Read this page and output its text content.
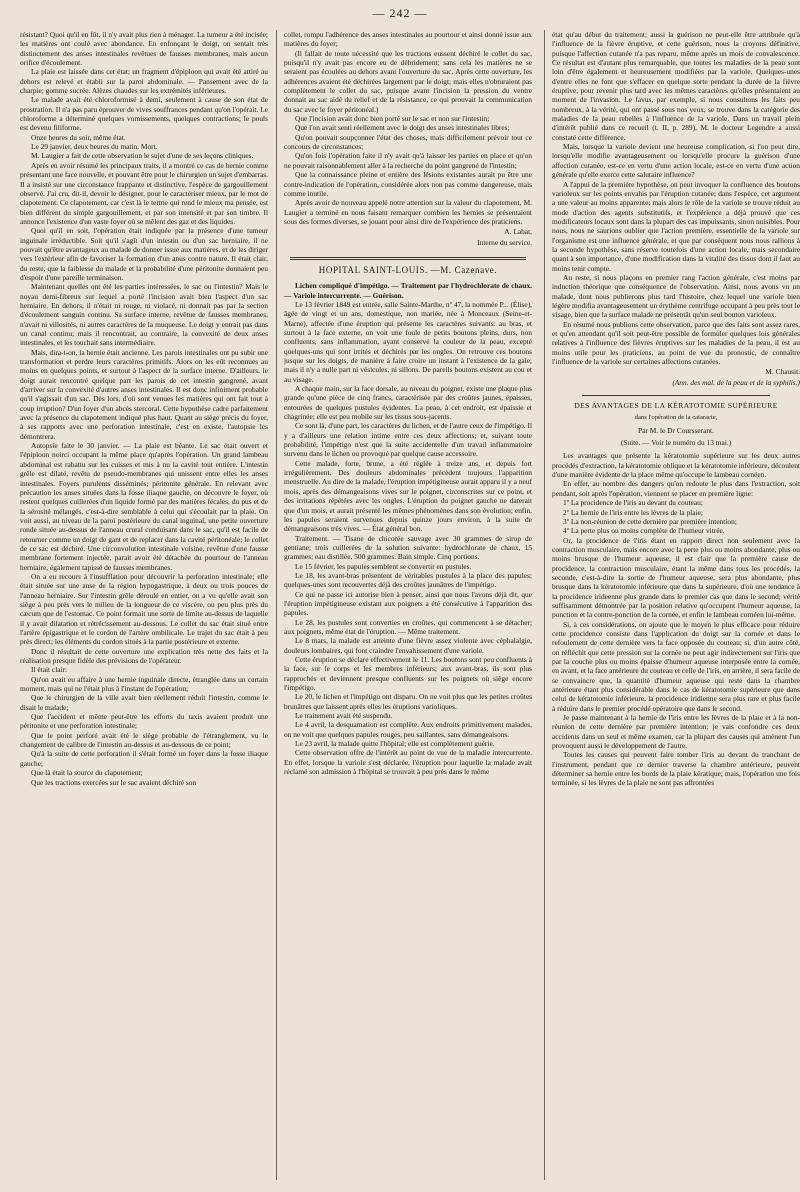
— 242 —

résistant? Quoi qu'il en fût, il n'y avait plus rien à ménager. La tumeur a été incisée; les matières ont coulé avec abondance. En enfonçant le doigt, on sentait très distinctement des anses intestinales revêtues de fausses membranes, mais aucun orifice d'écoulement.

La plaie est laissée dans cet état; un fragment d'épiploon qui avait été attiré au dehors est relevé et établi sur la paroi abdominale. — Pansement avec de la charpie; gomme sucrée. Alèzes chaudes sur les extrémités inférieures.

Le malade avait été chloroformisé à demi, seulement à cause de son état de prostration. Il n'a pas paru éprouver de vives souffrances pendant qu'on l'opérait. Le chloroforme a déterminé quelques vomissements, quelques contractions; le pouls est devenu filiforme.

Onze heures du soir, même état.

Le 29 janvier, deux heures du matin. Mort.

M. Laugier a fait de cette observation le sujet d'une de ses leçons cliniques.

Après en avoir résumé les principaux traits, il a montré ce cas de hernie comme présentant une face nouvelle, et pouvant être pour le chirurgien un sujet d'embarras. Il a insisté sur une circonstance frappante et distinctive, l'espèce de gargouillement observé. J'ai cru, dit-il, devoir le désigner, pour le caractériser mieux, par le mot de clapotement. Ce clapotement, car c'est là le terme qui rend le mieux ma pensée, est bien différent du simple gargouillement, et par son intensité et par son timbre. Il annonce l'existence d'un vaste foyer où se mêlent des gaz et des liquides.

Quoi qu'il en soit, l'opération était indiquée par la présence d'une tumeur inguinale irréductible. Soit qu'il s'agît d'un intestin ou d'un sac herniaire, il ne pouvait qu'être avantageux au malade de donner issue aux matières, et de les diriger vers l'extérieur afin de favoriser la formation d'un anus contre nature. Il était clair, du reste, que la faiblesse du malade et la probabilité d'une péritonite donnaient peu d'espoir d'une pareille terminaison.

Maintenant quelles ont été les parties intéressées, le sac ou l'intestin? Mais le noyau demi-fibreux sur lequel a porté l'incision avait bien l'aspect d'un sac herniaire. En dehors, il n'était ni rouge, ni violacé, ni donnait pas par la section d'écoulement sanguin continu. Sa surface interne, revêtue de fausses membranes, n'avait ni villosités, ni autres caractères de la muqueuse. Le doigt y entrait pas dans un canal continu; mais il rencontrait, au contraire, la convexité de deux anses intestinales, et les touchait sans intermédiaire.

Mais, dira-t-on, la hernie était ancienne. Les parois intestinales ont pu subir une transformation et perdre leurs caractères primitifs. Alors on les eût reconnues au moins en quelques points, et surtout à l'aspect de la surface interne. D'ailleurs, le doigt aurait rencontré quelque part les parois de cet intestin gangrené, avant d'arriver sur la convexité d'autres anses intestinales. Il est donc infiniment probable qu'il s'agissait d'un sac. Dès lors, d'où sont venues les matières qui ont fait tout à coup irruption? D'un foyer d'un abcès stercoral. Cette hypothèse cadre parfaitement avec la présence du clapotement indiqué plus haut. Quant au siège précis du foyer, à ses rapports avec une perforation intestinale, c'est en existe, l'autopsie les démontrera.

Autopsie faite le 30 janvier. — La plaie est béante. Le sac était ouvert et l'épiploon noirci occupant la même place qu'après l'opération. Un grand lambeau abdominal est rabattu sur les cuisses et mis à nu la cavité tout entière. L'intestin grêle est dilaté, revêtu de pseudo-membranes qui unissent entre elles les anses intestinales. Foyers purulents disséminés; péritonite générale. En relevant avec précaution les anses situées dans la fosse iliaque gauche, on découvre le foyer, où restent quelques cuillerées d'un liquide formé par des matières fécales, du pus et de la sérosité mélangés, c'est-à-dire semblable à celui qui s'écoulait par la plaie. On voit aussi, au niveau de la paroi postérieure du canal inguinal, une petite ouverture ronde située au-dessus de l'anneau crural conduisant dans le sac, qu'il est facile de retourner comme un doigt de gant et de replacer dans la cavité péritonéale; le collet de ce sac est déchiré. Une circonvolution intestinale voisine, revêtue d'une fausse membrane fortement injectée, parait avoir été détachée du pourtour de l'anneau herniaire, également tapissé de fausses membranes.

On a eu recours à l'insufflation pour découvrir la perforation intestinale; elle était située sur une anse de la région hypogastrique, à deux ou trois pouces de l'anneau herniaire. Sur l'intestin grêle déroulé en entier, on a vu qu'elle avait son siège à peu près vers le milieu de la longueur de ce viscère, ou peu plus près du cæcum que de l'estomac. Ce point formait une sorte de limite au-dessus de laquelle il y avait dilatation et rétrécissement au-dessous. Le collet du sac était situé entre l'artère épigastrique et le cordon de l'artère ombilicale. Le trajet du sac était à peu près direct; les éléments du cordon situés à la partie postérieure et externe.

Donc il résultait de cette ouverture une explication très nette des faits et la réalisation presque fidèle des prévisions de l'opérateur.

Il était clair:

Qu'on avait eu affaire à une hernie inguinale directe, étranglée dans un certain moment, mais qui ne l'était plus à l'instant de l'opération;

Que le chirurgien de la ville avait bien réellement réduit l'intestin, comme le disait le malade;

Que l'accident et même peut-être les efforts du taxis avaient produit une péritonite et une perforation intestinale;

Que le point perforé avait été le siège probable de l'étranglement, vu le changement de calibre de l'intestin au-dessus et au-dessous de ce point;

Qu'à la suite de cette perforation il s'était formé un foyer dans la fosse iliaque gauche;

Que là était la source du clapotement;

Que les tractions exercées sur le sac avaient déchiré son

collet, rompu l'adhérence des anses intestinales au pourtour et ainsi donné issue aux matières du foyer;

(Il fallait de toute nécessité que les tractions eussent déchiré le collet du sac, puisqu'il n'y avait pas encore eu de débridement; sans cela les matières ne se seraient pas écoulées au dehors avant l'ouverture du sac. Après cette ouverture, les adhérences avaient été déchirées largement par le doigt; mais elles n'obturaient pas complètement le collet du sac, puisque avant l'incision la pression du ventre donnait au sac aidé du relief et de la résistance, ce qui prouvait la communication du sac avec le foyer péritonéal.)

Que l'incision avait donc bien porté sur le sac et non sur l'intestin;

Que l'on avait senti réellement avec le doigt des anses intestinales libres;

Qu'on pouvait soupçonner l'état des choses, mais difficilement prévoir tout ce concours de circonstances;

Qu'on fois l'opération faite il n'y avait qu'à laisser les parties en place et qu'on ne pouvait raisonnablement aller à la recherche du point gangrené de l'intestin;

Que la connaissance pleine et entière des lésions existantes aurait pu être une contre-indication de l'opération, considérée alors non pas comme dangereuse, mais comme inutile.

Après avoir de nouveau appelé notre attention sur la valeur du clapotement, M. Laugier a terminé en nous faisant remarquer combien les hernies se présentaient sous des formes diverses, se jouant pour ainsi dire de l'expérience des praticiens.

A. Labat,
Interne du service.
HOPITAL SAINT-LOUIS. —M. Cazenave.

Lichen compliqué d'impétigo. — Traitement par l'hydrochlorate de chaux. — Variole intercurrente. — Guérison.

Le 13 février 1849 est entrée, salle Sainte-Marthe, nº 47, la nommée P... (Élise), âgée de vingt et un ans, domestique, non mariée, née à Monceaux (Seine-et-Marne), affectée d'une éruption qui présente les caractères suivants: au bras, et surtout à la face externe, on voit une foule de petits boutons pleins, durs, non confluents, sans inflammation, ayant conservé la couleur de la peau, excepté quelques-uns qui sont irrités et déchirés par les ongles. On retrouve ces boutons jusque sur les doigts, de manière à faire croire un instant à l'existence de la gale; mais il n'y a nulle part ni vésicules, ni sillons. De pareils boutons existent au cou et au visage.

A chaque main, sur la face dorsale, au niveau du poignet, existe une plaque plus grande qu'une pièce de cinq francs, caractérisée par des croûtes jaunes, épaisses, entourées de quelques pustules évidentes. La peau, à cet endroit, est épaissie et chagrinée; elle est peu mobile sur les tissus sous-jacents.

Ce sont là, d'une part, les caractères du lichen, et de l'autre ceux de l'impétigo. Il y a d'ailleurs une relation intime entre ces deux affections; et, suivant toute probabilité, l'impétigo n'est que la suite accidentelle d'un travail inflammatoire survenu dans le lichen ou provoqué par quelque cause accessoire.

Cette malade, forte, brune, a été réglée à treize ans, et depuis fort irrégulièrement. Des douleurs abdominales précèdent toujours l'apparition menstruelle. Au dire de la malade, l'éruption impétigineuse aurait apparu il y a neuf mois, après des démangeaisons vives sur le poignet, circonscrites sur ce point, et des irritations répétées avec les ongles. L'éruption du poignet gauche ne daterait que d'un mois, et aurait présenté les mêmes phénomènes dans son évolution; enfin, les papules seraient survenues depuis quinze jours environ, à la suite de démangeaisons très vives. — État général bon.

Traitement. — Tisane de chicorée sauvage avec 30 grammes de sirop de gentiane; trois cuillerées de la solution suivante: hydrochlorate de chaux, 15 grammes; eau distillée, 500 grammes. Bain simple. Cinq portions.

Le 15 février, les papules semblent se convertir en pustules.

Le 18, les avant-bras présentent de véritables pustules à la place des papules; quelques-unes sont recouvertes déjà des croûtes jaunâtres de l'impétigo.

Ce qui ne passe ici autorise bien à penser, ainsi que nous l'avons déjà dit, que l'éruption impétigineuse existant aux poignets a été consécutive à l'apparition des papules.

Le 28, les pustules sont converties en croûtes, qui commencent à se détacher; aux poignets, même état de l'éruption. — Même traitement.

Le 8 mars, la malade est atteinte d'une fièvre assez violente avec céphalalgie, douleurs lombaires, qui font craindre l'envahissement d'une variole.

Cette éruption se déclare effectivement le 11. Les boutons sont peu confluents à la face, sur le corps et les membres inférieurs; aux avant-bras, ils sont plus rapprochés et deviennent presque confluents sur les poignets où siège encore l'impétigo.

Le 20, le lichen et l'impétigo ont disparu. On ne voit plus que les petites croûtes brunâtres que laissent après elles les éruptions varioliques.

Le traitement avait été suspendu.

Le 4 avril, la desquamation est complète. Aux endroits primitivement malades, on ne voit que quelques papules rouges, peu saillantes, sans démangeaisons.

Le 23 avril, la malade quitte l'hôpital; elle est complètement guérie.

Cette observation offre de l'intérêt au point de vue de la maladie intercurrente. En effet, lorsque la variole s'est déclarée, l'éruption pour laquelle la malade avait réclamé son admission à l'hôpital se trouvait à peu près dans le même

état qu'au début du traitement; aussi la guérison ne peut-elle être attribuée qu'à l'influence de la fièvre éruptive, et cette guérison, nous la croyons définitive, puisque l'affection cutanée n'a pas reparu, même après un mois de convalescence. Ce résultat est d'autant plus remarquable, que toutes les maladies de la peau sont loin d'être également et heureusement modifiées par la variole. Quelques-unes d'entre elles ne font que s'effacer en quelque sorte pendant la durée de la fièvre éruptive, pour revenir plus tard avec les mêmes caractères qu'elles présentaient au moment de l'invasion. Le favus, par exemple, si nous consultons les faits peu nombreux, à la vérité, qui ont passé sous nos yeux, se trouve dans la catégorie des maladies de la peau rebelles à l'influence de la variole. Dans un travail plein d'intérêt publié dans ce recueil (t. II, p. 289), M. le docteur Legendre a aussi constaté cette différence.

Mais, lorsque la variole devient une heureuse complication, si l'on peut dire, lorsqu'elle modifie avantageusement ou lorsqu'elle procure la guérison d'une affection cutanée, est-ce en vertu d'une action locale, est-ce en vertu d'une action générale qu'elle exerce cette salutaire influence?

A l'appui de la première hypothèse, on peut invoquer la confluence des boutons varioleux sur les points envahis par l'éruption cutanée; dans l'espèce, cet argument a une valeur au moins apparente; mais alors le rôle de la variole se trouve réduit au mode d'action des agents substitutifs, et l'expérience a déjà prouvé que ces modificateurs locaux sont dans la plupart des cas impuissants, sinon nuisibles. Pour nous, nous ne saurions oublier que l'action première, essentielle de la variole sur l'organisme est une influence générale, et que par conséquent nous nous rallions à la seconde hypothèse, sans réserve toutefois d'une action locale, mais secondaire quant à son importance, d'une modification dans la vitalité des tissus dont il faut au moins tenir compte.

Au reste, si nous plaçons en premier rang l'action générale, c'est moins par induction théorique que conséquence de l'observation. Ainsi, nous avons vu un malade, dont nous publierons plus tard l'histoire, chez lequel une variole bien légère modifia avantageusement un érythème centrifuge occupant à peu près tout le visage, bien que la surface malade ne présentât qu'un seul bouton varioleux.

En résumé nous publions cette observation, parce que des faits sont assez rares, et qu'en attendant qu'il soit peut-être possible de formuler quelques lois générales relatives à l'influence des fièvres éruptives sur les maladies de la peau, il est au moins utile pour les praticiens, au point de vue du pronostic, de connaître l'influence de la variole sur certaines affections cutanées.

M. Chausit.
(Ann. des mal. de la peau et de la syphilis.)
DES AVANTAGES DE LA KÉRATOTOMIE SUPÉRIEURE
dans l'opération de la cataracte,
Par M. le Dr Coursserant.
(Suite. — Voir le numéro du 13 mai.)

Les avantages que présente la kératotomie supérieure sur les deux autres procédés d'extraction, la kératotomie oblique et la kératotomie inférieure, découlent d'une manière évidente de la place même qu'occupe le lambeau cornéen.

En effet, au nombre des dangers qu'on redoute le plus dans l'extraction, soit pendant, soit après l'opération, viennent se placer en première ligne:

1º La procidence de l'iris au devant du couteau;

2º La hernie de l'iris entre les lèvres de la plaie;

3º La non-réunion de cette dernière par première intention;

4º La perte plus ou moins complète de l'humeur vitrée.

Or, la procidence de l'iris étant en rapport direct non seulement avec la contraction musculaire, mais encore avec la perte plus ou moins abondante, plus ou moins brusque de l'humeur aqueuse, il est clair que la première cause de procidence, la contraction musculaire, étant la même dans tous les procédés, la seconde, c'est-à-dire la sortie de l'humeur aqueuse, sera plus abondante, plus brusque dans la kératotomie inférieure que dans la supérieure, d'où une tendance à la procidence irideenne plus grande dans le premier cas que dans le second; vérité suffisamment démontrée par la position relative qu'occupent l'humeur aqueuse, la ponction et la contre-ponction de la cornée, et enfin le lambeau cornéen lui-même.

Si, à ces considérations, on ajoute que le moyen le plus efficace pour réduire cette procidence consiste dans l'application du doigt sur la cornée et dans le refoulement de cette dernière vers la face opposée du couteau; si, d'un autre côté, on réfléchit que cette pression sur la cornée ne peut agir indirectement sur l'iris que par la couche plus ou moins épaisse d'humeur aqueuse interposée entre la cornée, en avant, et la face antérieure du couteau et celle de l'iris, en arrière, il sera facile de se convaincre que, la quantité d'humeur aqueuse qui reste dans la chambre antérieure étant plus considérable dans le cas de kératotomie supérieure que dans celui de kératotomie inférieure, la procidence iridienne sera plus rare et plus facile à réduire dans le premier procédé opératoire que dans le second.

Je passe maintenant à la hernie de l'iris entre les lèvres de la plaie et à la non-réunion de cette dernière par première intention; je vais confondre ces deux accidents dans un seul et même examen, car la plupart des causes qui amènent l'un provoquent aussi le développement de l'autre.

Toutes les causes qui peuvent faire tomber l'iris au devant du tranchant de l'instrument, pendant que ce dernier traverse la chambre antérieure, peuvent déterminer sa hernie entre les bords de la plaie kératique; mais, l'opération une fois terminée, si les lèvres de la plaie ne sont pas affrontées
